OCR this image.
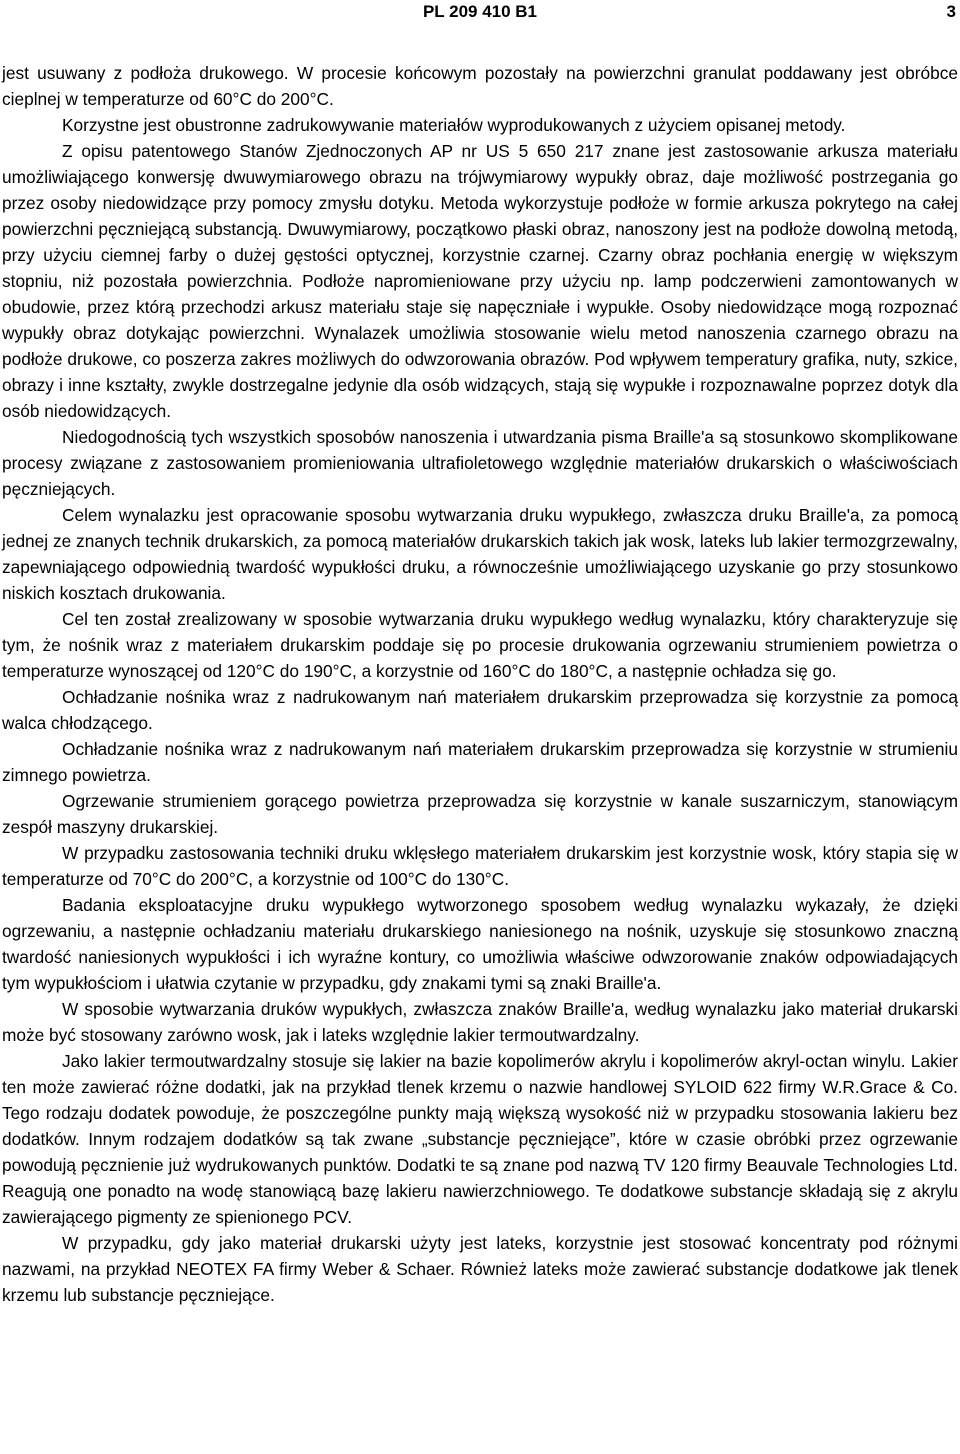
PL 209 410 B1	3

jest usuwany z podłoża drukowego. W procesie końcowym pozostały na powierzchni granulat poddawany jest obróbce cieplnej w temperaturze od 60°C do 200°C.

Korzystne jest obustronne zadrukowywanie materiałów wyprodukowanych z użyciem opisanej metody.

Z opisu patentowego Stanów Zjednoczonych AP nr US 5 650 217 znane jest zastosowanie arkusza materiału umożliwiającego konwersję dwuwymiarowego obrazu na trójwymiarowy wypukły obraz, daje możliwość postrzegania go przez osoby niedowidzące przy pomocy zmysłu dotyku. Metoda wykorzystuje podłoże w formie arkusza pokrytego na całej powierzchni pęczniejącą substancją. Dwuwymiarowy, początkowo płaski obraz, nanoszony jest na podłoże dowolną metodą, przy użyciu ciemnej farby o dużej gęstości optycznej, korzystnie czarnej. Czarny obraz pochłania energię w większym stopniu, niż pozostała powierzchnia. Podłoże napromieniowane przy użyciu np. lamp podczerwieni zamontowanych w obudowie, przez którą przechodzi arkusz materiału staje się napęczniałe i wypukłe. Osoby niedowidzące mogą rozpoznać wypukły obraz dotykając powierzchni. Wynalazek umożliwia stosowanie wielu metod nanoszenia czarnego obrazu na podłoże drukowe, co poszerza zakres możliwych do odwzorowania obrazów. Pod wpływem temperatury grafika, nuty, szkice, obrazy i inne kształty, zwykle dostrzegalne jedynie dla osób widzących, stają się wypukłe i rozpoznawalne poprzez dotyk dla osób niedowidzących.

Niedogodnością tych wszystkich sposobów nanoszenia i utwardzania pisma Braille'a są stosunkowo skomplikowane procesy związane z zastosowaniem promieniowania ultrafioletowego względnie materiałów drukarskich o właściwościach pęczniejących.

Celem wynalazku jest opracowanie sposobu wytwarzania druku wypukłego, zwłaszcza druku Braille'a, za pomocą jednej ze znanych technik drukarskich, za pomocą materiałów drukarskich takich jak wosk, lateks lub lakier termozgrzewalny, zapewniającego odpowiednią twardość wypukłości druku, a równocześnie umożliwiającego uzyskanie go przy stosunkowo niskich kosztach drukowania.

Cel ten został zrealizowany w sposobie wytwarzania druku wypukłego według wynalazku, który charakteryzuje się tym, że nośnik wraz z materiałem drukarskim poddaje się po procesie drukowania ogrzewaniu strumieniem powietrza o temperaturze wynoszącej od 120°C do 190°C, a korzystnie od 160°C do 180°C, a następnie ochładza się go.

Ochładzanie nośnika wraz z nadrukowanym nań materiałem drukarskim przeprowadza się korzystnie za pomocą walca chłodzącego.

Ochładzanie nośnika wraz z nadrukowanym nań materiałem drukarskim przeprowadza się korzystnie w strumieniu zimnego powietrza.

Ogrzewanie strumieniem gorącego powietrza przeprowadza się korzystnie w kanale suszarniczym, stanowiącym zespół maszyny drukarskiej.

W przypadku zastosowania techniki druku wklęsłego materiałem drukarskim jest korzystnie wosk, który stapia się w temperaturze od 70°C do 200°C, a korzystnie od 100°C do 130°C.

Badania eksploatacyjne druku wypukłego wytworzonego sposobem według wynalazku wykazały, że dzięki ogrzewaniu, a następnie ochładzaniu materiału drukarskiego naniesionego na nośnik, uzyskuje się stosunkowo znaczną twardość naniesionych wypukłości i ich wyraźne kontury, co umożliwia właściwe odwzorowanie znaków odpowiadających tym wypukłościom i ułatwia czytanie w przypadku, gdy znakami tymi są znaki Braille'a.

W sposobie wytwarzania druków wypukłych, zwłaszcza znaków Braille'a, według wynalazku jako materiał drukarski może być stosowany zarówno wosk, jak i lateks względnie lakier termoutwardzalny.

Jako lakier termoutwardzalny stosuje się lakier na bazie kopolimerów akrylu i kopolimerów akryl-octan winylu. Lakier ten może zawierać różne dodatki, jak na przykład tlenek krzemu o nazwie handlowej SYLOID 622 firmy W.R.Grace & Co. Tego rodzaju dodatek powoduje, że poszczególne punkty mają większą wysokość niż w przypadku stosowania lakieru bez dodatków. Innym rodzajem dodatków są tak zwane „substancje pęczniejące”, które w czasie obróbki przez ogrzewanie powodują pęcznienie już wydrukowanych punktów. Dodatki te są znane pod nazwą TV 120 firmy Beauvale Technologies Ltd. Reagują one ponadto na wodę stanowiącą bazę lakieru nawierzchniowego. Te dodatkowe substancje składają się z akrylu zawierającego pigmenty ze spienionego PCV.

W przypadku, gdy jako materiał drukarski użyty jest lateks, korzystnie jest stosować koncentraty pod różnymi nazwami, na przykład NEOTEX FA firmy Weber & Schaer. Również lateks może zawierać substancje dodatkowe jak tlenek krzemu lub substancje pęczniejące.
